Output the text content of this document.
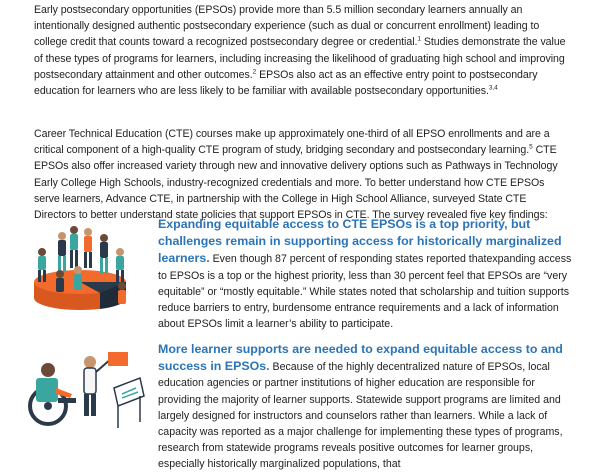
Early postsecondary opportunities (EPSOs) provide more than 5.5 million secondary learners annually an intentionally designed authentic postsecondary experience (such as dual or concurrent enrollment) leading to college credit that counts toward a recognized postsecondary degree or credential.$^1$ Studies demonstrate the value of these types of programs for learners, including increasing the likelihood of graduating high school and improving postsecondary attainment and other outcomes.$^2$ EPSOs also act as an effective entry point to postsecondary education for learners who are less likely to be familiar with available postsecondary opportunities.$^{3,4}$

Career Technical Education (CTE) courses make up approximately one-third of all EPSO enrollments and are a critical component of a high-quality CTE program of study, bridging secondary and postsecondary learning.$^5$ CTE EPSOs also offer increased variety through new and innovative delivery options such as Pathways in Technology Early College High Schools, industry-recognized credentials and more. To better understand how CTE EPSOs serve learners, Advance CTE, in partnership with the College in High School Alliance, surveyed State CTE Directors to better understand state policies that support EPSOs in CTE. The survey revealed five key findings:

Expanding equitable access to CTE EPSOs is a top priority, but challenges remain in supporting access for historically marginalized learners. Even though 87 percent of responding states reported thatexpanding access to EPSOs is a top or the highest priority, less than 30 percent feel that EPSOs are “very equitable” or “mostly equitable.” While states noted that scholarship and tuition supports reduce barriers to entry, burdensome entrance requirements and a lack of information about EPSOs limit a learner’s ability to participate.

More learner supports are needed to expand equitable access to and success in EPSOs. Because of the highly decentralized nature of EPSOs, local education agencies or partner institutions of higher education are responsible for providing the majority of learner supports. Statewide support programs are limited and largely designed for instructors and counselors rather than learners. While a lack of capacity was reported as a major challenge for implementing these types of programs, research from statewide programs reveals positive outcomes for learner groups, especially historically marginalized populations, that
